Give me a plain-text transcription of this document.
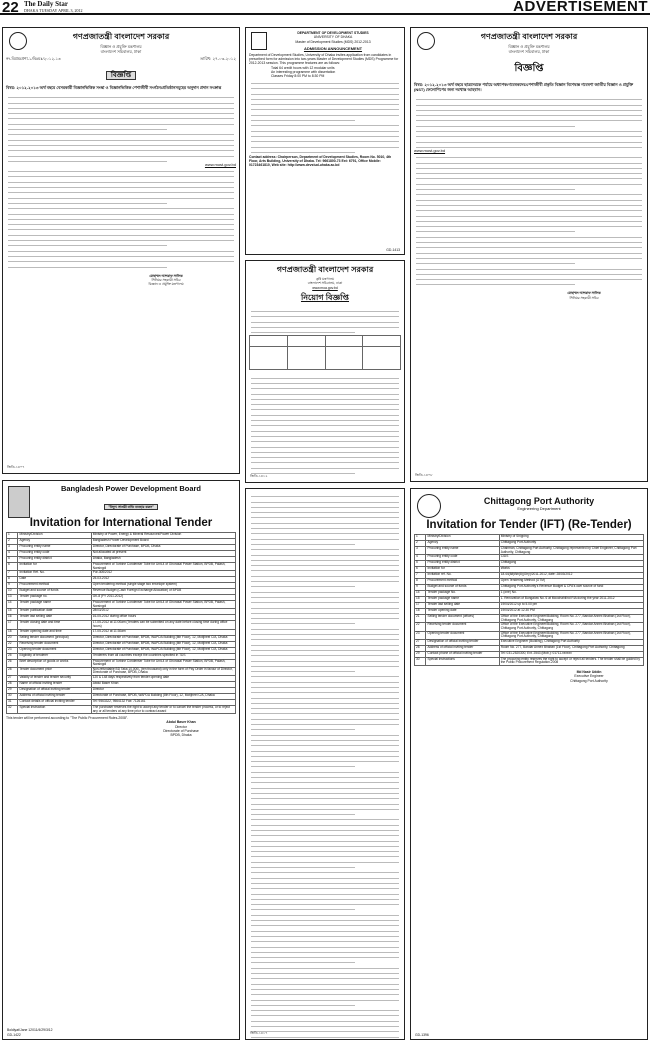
22 The Daily Star
DHAKA TUESDAY APRIL 3, 2012	ADVERTISEMENT
গণপ্রজাতন্ত্রী বাংলাদেশ সরকার
বিজ্ঞান ও প্রযুক্তি মন্ত্রণালয়
বাংলাদেশ সচিবালয়, ঢাকা
নং-বিপ্রম/প্রশা-১/বিঃমঃ/২০১২-১৩	তারিখ: ২৭-০৩-২০১২
বিজ্ঞপ্তি
বিষয়: ২০১২-২০১৩ অর্থ বছরে বেসরকারী বিজ্ঞানভিত্তিক সংস্থা ও বিজ্ঞানভিত্তিক পেশাজীবী সংগঠন/প্রতিষ্ঠানসমূহের অনুদান প্রদান সংক্রান্ত
www.most.gov.bd
মোহাম্মদ আশরাফ সালিক
সিনিয়র সহকারী সচিব
বিজ্ঞান ও প্রযুক্তি মন্ত্রণালয়
জিডি-১৪০৭
DEPARTMENT OF DEVELOPMENT STUDIES
UNIVERSITY OF DHAKA
Master of Development Studies (MDS) 2012-2013
ADMISSION ANNOUNCEMENT
Department of Development Studies, University of Dhaka invites application from candidates in prescribed form for admission into two-years Master of Development Studies (MDS) Programme for 2012-2013 session. This programme features are as follows:
Total 64 credit hours with 12 modular units
An interesting programme with dissertation
Classes Friday 8:00 PM to 8:30 PM
Contact address: Chairperson, Department of Development Studies, Room No. 5010, 4th Floor, Arts Building, University of Dhaka. Tel: 9661800-73 Ext: 6791, Office Mobile: 01723461810, Web site: http://www.devstud-uhaka.ac.bd
GD-1413
গণপ্রজাতন্ত্রী বাংলাদেশ সরকার
কৃষি মন্ত্রণালয়
বাংলাদেশ সচিবালয়, ঢাকা
www.moa.gov.bd
নিয়োগ বিজ্ঞপ্তি

জিডি-১৪১২
গণপ্রজাতন্ত্রী বাংলাদেশ সরকার
বিজ্ঞান ও প্রযুক্তি মন্ত্রণালয়
বাংলাদেশ সচিবালয়, ঢাকা
বিজ্ঞপ্তি
বিষয়: ২০১২-২০১৩ অর্থ বছরে ছাত্রদেরকে পর্যায়ে অধ্যাপক/গবেষকদের/পেশাজীবী প্রকৃতি বিজ্ঞান বিশেষজ্ঞ গবেষণা জাতীয় বিজ্ঞান ও প্রযুক্তি (NST) ফেলোশিপের জন্য দরখাস্ত আহবান।
www.most.gov.bd
মোহাম্মদ আশরাফ সালিক
সিনিয়র সহকারী সচিব
জিডি-১৪০৮
Bangladesh Power Development Board
"বিদ্যুৎ সাশ্রয়ী বাতি ব্যবহার করুন"
Invitation for International Tender
1	Ministry/Division	Ministry of Power, Energy & Mineral Resources/Power Division
2	Agency	Bangladesh Power Development Board
3	Procuring entity name	Director, Directorate of Purchase, BPDB, Dhaka
4	Procuring entity code	Not allocated at present
5	Procuring entity district	Dhaka, Bangladesh
6	Invitation for	Procurement of Turbine Condenser Tube for Unit-4 of Ghorasal Power Station, BPDB, Palash, Narsingdi
7	Invitation Ref. No.	Pur-306/2012
8	Date	25-03-2012
9	Procurement method	Open tendering method (single stage two envelope system)
10	Budget and source of funds	Revenue Budget (Cash Foreign Exchange Allocation) of BPDB
13	Tender package no.	GK-8 (FY 2011-2012)
14	Tender package name	Procurement of Turbine Condenser Tube for Unit-4 of Ghorasal Power Station, BPDB, Palash, Narsingdi
15	Tender publication date	28/03/2012
16	Tender last selling date	16-05-2012 during office hours
17	Tender closing date and time	17-05-2012 at 11:00am (Tenders can be submitted on any date before closing time during office hours)
18	Tender opening date and time	17-05-2012 at 11:30am
20	Selling tender document (principal)	Director, Directorate of Purchase, BPDB, WAPDA Building (8th Floor), 12, Motijheel C/A, Dhaka
22	Receiving tender document	Director, Directorate of Purchase, BPDB, WAPDA Building (8th Floor), 12, Motijheel C/A, Dhaka
23	Opening tender document	Director, Directorate of Purchase, BPDB, WAPDA Building (8th Floor), 12, Motijheel C/A, Dhaka
25	Eligibility of tenderer	Tenderers from all countries except the countries specified in TDS
26	Brief description of goods or works	Procurement of Turbine Condenser Tube for Unit-4 of Ghorasal Power Station, BPDB, Palash, Narsingdi
28	Tender document price	Non-refundable BD Taka 10,000/- (ten thousand) only in the form of Pay Order in favour of Director, Directorate of Purchase, BPDB, Dhaka
27	Validity of tender and tender security	120 & 148 days respectively from tender opening date
28	Name of official inviting tender	Abdul Baser Khan
29	Designation of official inviting tender	Director
30	Address of official inviting tender	Directorate of Purchase, BPDB, WAPDA Building (8th Floor), 12, Motijheel C/A, Dhaka
31	Contact details of official inviting tender	Tel: 9563322, 9564132 Fax: 7126161
32	Special instruction	The purchaser reserves the right to accept any tender or to cancel the tender process, or to reject any or all tenders at any time prior to contract award
This tender will be performed according to "The Public Procurement Rules-2008".
Abdul Baser Khan
Director
Directorate of Purchase
BPDB, Dhaka
Boldiyat/Jane 12011/4/29/3/12
GD-1422	জিডি-১৪১৭
Chittagong Port Authority
Engineering Department
Invitation for Tender (IFT) (Re-Tender)
1	Ministry/Division	Ministry of Shipping
2	Agency	Chittagong Port Authority
3	Procuring entity name	Chairman, Chittagong Port Authority, Chittagong represented by Chief Engineer, Chittagong Port Authority, Chittagong
4	Procuring entity code	CIDS
5	Procuring entity district	Chittagong
6	Invitation for	Works
7	Invitation ref. No.	18.44(88)Bib(8)(Ghy)/2011-2012, date: 28/03/2012
8	Procurement method	Open Tendering Method (OTM)
9	Budget and source of funds	Chittagong Port Authority's Revenue Budget & CPA's own source of fund
14	Tender package No.	1 (one) No.
15	Tender package name	1. Renovation of Bungalow No. 6 at Moochahillnd RIA during the year 2011-2012
17	Tender last selling date	19/04/2012 up to 5.00 pm
18	Tender opening date	19/04/2012 at 12.30 PM
21	Selling tender document (offices)	Office of the Executive Engineer/Building, Room No. 277, Bandar Annex Bhaban (1st Floor), Chittagong Port Authority, Chittagong
22	Receiving tender document	Office of the Executive Engineer/Building, Room No. 277, Bandar Annex Bhaban (1st Floor), Chittagong Port Authority, Chittagong
23	Opening tender document	Office of the Executive Engineer/Building, Room No. 277, Bandar Annex Bhaban (1st Floor), Chittagong Port Authority, Chittagong
27	Designation of official inviting tender	Executive Engineer (Building), Chittagong Port Authority
28	Address of official inviting tender	Room No. 277, Bandar Annex Bhaban (1st Floor), Chittagong Port Authority, Chittagong
29	Contact phone of official inviting tender	Tel: 031-2520300, Ext. 2543 (Mob.): 01711-xxxxxx
30	Special instructions	The procuring entity reserves the right to accept or reject all tenders. The tender shall be guided by the Public Procurement Regulation-2008
Md Nasir Uddin
Executive Engineer
Chittagong Port Authority
GD-1396
